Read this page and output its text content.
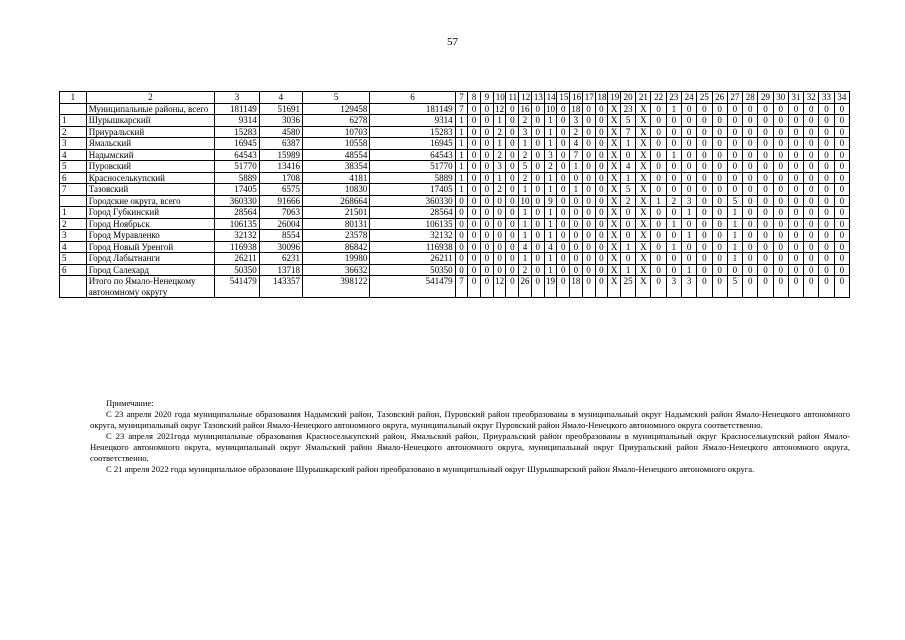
57
1	2	3	4	5	6	7	8	9	10	11	12	13	14	15	16	17	18	19	20	21	22	23	24	25	26	27	28	29	30	31	32	33	34
	Муниципальные районы, всего	181149	51691	129458	181149	7	0	0	12	0	16	0	10	0	18	0	0	X	23	X	0	1	0	0	0	0	0	0	0	0	0	0	0
1	Шурышкарский	9314	3036	6278	9314	1	0	0	1	0	2	0	1	0	3	0	0	X	5	X	0	0	0	0	0	0	0	0	0	0	0	0	0
2	Приуральский	15283	4580	10703	15283	1	0	0	2	0	3	0	1	0	2	0	0	X	7	X	0	0	0	0	0	0	0	0	0	0	0	0	0
3	Ямальский	16945	6387	10558	16945	1	0	0	1	0	1	0	1	0	4	0	0	X	1	X	0	0	0	0	0	0	0	0	0	0	0	0	0
4	Надымский	64543	15989	48554	64543	1	0	0	2	0	2	0	3	0	7	0	0	X	0	X	0	1	0	0	0	0	0	0	0	0	0	0	0
5	Пуровский	51770	13416	38354	51770	1	0	0	3	0	5	0	2	0	1	0	0	X	4	X	0	0	0	0	0	0	0	0	0	0	0	0	0
6	Красноселькупский	5889	1708	4181	5889	1	0	0	1	0	2	0	1	0	0	0	0	X	1	X	0	0	0	0	0	0	0	0	0	0	0	0	0
7	Тазовский	17405	6575	10830	17405	1	0	0	2	0	1	0	1	0	1	0	0	X	5	X	0	0	0	0	0	0	0	0	0	0	0	0	0
	Городские округа, всего	360330	91666	268664	360330	0	0	0	0	0	10	0	9	0	0	0	0	X	2	X	1	2	3	0	0	5	0	0	0	0	0	0	0
1	Город Губкинский	28564	7063	21501	28564	0	0	0	0	0	1	0	1	0	0	0	0	X	0	X	0	0	1	0	0	1	0	0	0	0	0	0	0
2	Город Ноябрьск	106135	26004	80131	106135	0	0	0	0	0	1	0	1	0	0	0	0	X	0	X	0	1	0	0	0	1	0	0	0	0	0	0	0
3	Город Муравленко	32132	8554	23578	32132	0	0	0	0	0	1	0	1	0	0	0	0	X	0	X	0	0	1	0	0	1	0	0	0	0	0	0	0
4	Город Новый Уренгой	116938	30096	86842	116938	0	0	0	0	0	4	0	4	0	0	0	0	X	1	X	0	1	0	0	0	1	0	0	0	0	0	0	0
5	Город Лабытнанги	26211	6231	19980	26211	0	0	0	0	0	1	0	1	0	0	0	0	X	0	X	0	0	0	0	0	1	0	0	0	0	0	0	0
6	Город Салехард	50350	13718	36632	50350	0	0	0	0	0	2	0	1	0	0	0	0	X	1	X	0	0	1	0	0	0	0	0	0	0	0	0	0
	Итого по Ямало-Ненецкому автономному округу	541479	143357	398122	541479	7	0	0	12	0	26	0	19	0	18	0	0	X	25	X	0	3	3	0	0	5	0	0	0	0	0	0	0

Примечание:

С 23 апреля 2020 года муниципальные образования Надымский район, Тазовский район, Пуровский район преобразованы в муниципальный округ Надымский район Ямало-Ненецкого автономного округа, муниципальный округ Тазовский район Ямало-Ненецкого автономного округа, муниципальный округ Пуровский район Ямало-Ненецкого автономного округа соответственно.

С 23 апреля 2021года муниципальные образования Красноселькупский район, Ямальский район, Приуральский район преобразованы в муниципальный округ Красноселькупский район Ямало-Ненецкого автономного округа, муниципальный округ Ямальский район Ямало-Ненецкого автономного округа, муниципальный округ Приуральский район Ямало-Ненецкого автономного округа, соответственно.

С 21 апреля 2022 года муниципальное образование Шурышкарский район преобразовано в муниципальный округ Шурышкарский район Ямало-Ненецкого автономного округа.
